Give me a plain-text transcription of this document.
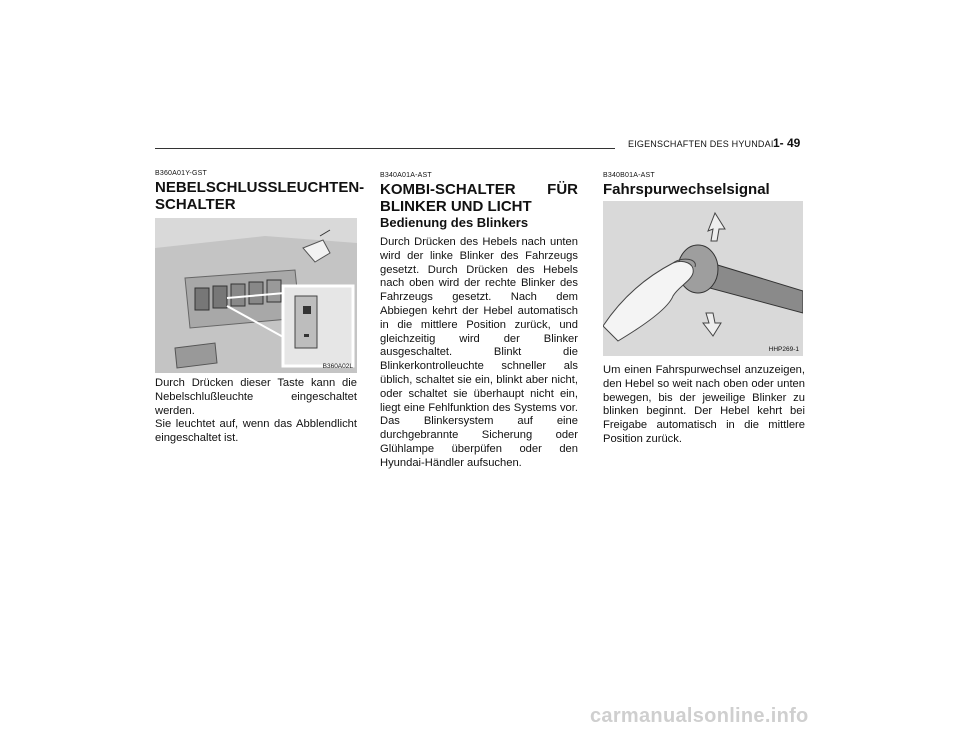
EIGENSCHAFTEN DES HYUNDAI 1- 49
B360A01Y-GST
NEBELSCHLUSSLEUCHTEN-SCHALTER
B360A02L

Durch Drücken dieser Taste kann die Nebelschlußleuchte eingeschaltet werden.

Sie leuchtet auf, wenn das Abblendlicht eingeschaltet ist.

B340A01A-AST
KOMBI-SCHALTER FÜR BLINKER UND LICHT
Bedienung des Blinkers

Durch Drücken des Hebels nach unten wird der linke Blinker des Fahrzeugs gesetzt. Durch Drücken des Hebels nach oben wird der rechte Blinker des Fahrzeugs gesetzt. Nach dem Abbiegen kehrt der Hebel automatisch in die mittlere Position zurück, und gleichzeitig wird der Blinker ausgeschaltet. Blinkt die Blinkerkontrolleuchte schneller als üblich, schaltet sie ein, blinkt aber nicht, oder schaltet sie überhaupt nicht ein, liegt eine Fehlfunktion des Systems vor. Das Blinkersystem auf eine durchgebrannte Sicherung oder Glühlampe überpüfen oder den Hyundai-Händler aufsuchen.

B340B01A-AST
Fahrspurwechselsignal
HHP269-1

Um einen Fahrspurwechsel anzuzeigen, den Hebel so weit nach oben oder unten bewegen, bis der jeweilige Blinker zu blinken beginnt. Der Hebel kehrt bei Freigabe automatisch in die mittlere Position zurück.

carmanualsonline.info
